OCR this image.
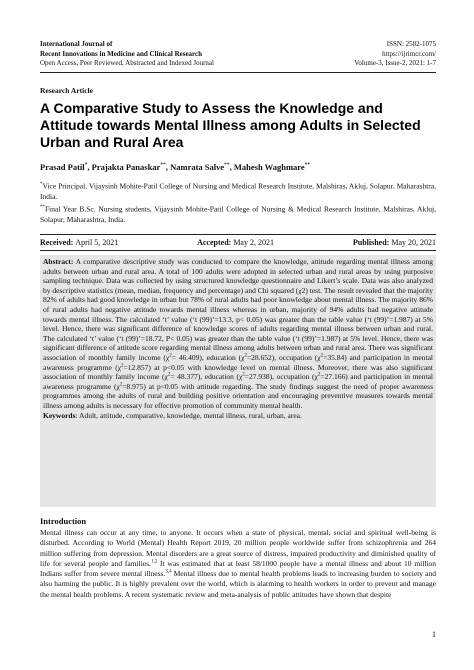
International Journal of	ISSN: 2582-1075
Recent Innovations in Medicine and Clinical Research	https://ijrimcr.com/
Open Access, Peer Reviewed, Abstracted and Indexed Journal	Volume-3, Issue-2, 2021: 1-7
Research Article
A Comparative Study to Assess the Knowledge and Attitude towards Mental Illness among Adults in Selected Urban and Rural Area
Prasad Patil*, Prajakta Panaskar**, Namrata Salve**, Mahesh Waghmare**

*Vice Principal, Vijaysinh Mohite-Patil College of Nursing and Medical Research Institute, Malshiras, Akluj, Solapur, Maharashtra, India.

**Final Year B.Sc. Nursing students, Vijaysinh Mohite-Patil College of Nursing & Medical Research Institute, Malshiras, Akluj, Solapur, Maharashtra, India.

Received: April 5, 2021	Accepted: May 2, 2021	Published: May 20, 2021
Abstract: A comparative descriptive study was conducted to compare the knowledge, attitude regarding mental illness among adults between urban and rural area. A total of 100 adults were adopted in selected urban and rural areas by using purposive sampling technique. Data was collected by using structured knowledge questionnaire and Likert’s scale. Data was also analyzed by descriptive statistics (mean, median, frequency and percentage) and Chi squared (χ2) test. The result revealed that the majority 82% of adults had good knowledge in urban but 78% of rural adults had poor knowledge about mental illness. The majority 86% of rural adults had negative attitude towards mental illness whereas in urban, majority of 94% adults had negative attitude towards mental illness. The calculated ‘t’ value (‘t (99)’=13.3, p< 0.05) was greater than the table value (‘t (99)’=1.987) at 5% level. Hence, there was significant difference of knowledge scores of adults regarding mental illness between urban and rural. The calculated ‘t’ value (‘t (99)’=18.72, P< 0.05) was greater than the table value (‘t (99)’=1.987) at 5% level. Hence, there was significant difference of attitude score regarding mental illness among adults between urban and rural area. There was significant association of monthly family income $(\chi^2= 46.409)$, education $(\chi^2=28.652)$, occupation $(\chi^2=35.84)$ and participation in mental awareness programme $(\chi^2=12.857)$ at p<0.05 with knowledge level on mental illness. Moreover, there was also significant association of monthly family income $(\chi^2= 48.377)$, education $(\chi^2=27.938)$, occupation $(\chi^2=27.166)$ and participation in mental awareness programme $(\chi^2=8.975)$ at p<0.05 with attitude regarding. The study findings suggest the need of proper awareness programmes among the adults of rural and building positive orientation and encouraging preventive measures towards mental illness among adults is necessary for effective promotion of community mental health.
Keywords: Adult, attitude, comparative, knowledge, mental illness, rural, urban, area.
Introduction
Mental illness can occur at any time, to anyone. It occurs when a state of physical, mental, social and spiritual well-being is disturbed. According to World (Mental) Health Report 2019, 20 million people worldwide suffer from schizophrenia and 264 million suffering from depression. Mental disorders are a great source of distress, impaired productivity and diminished quality of life for several people and families.$^{1,2}$ It was estimated that at least 58/1000 people have a mental illness and about 10 million Indians suffer from severe mental illness.$^{3,4}$ Mental illness due to mental health problems leads to increasing burden to society and also harming the public. It is highly prevalent over the world, which is alarming to health workers in order to prevent and manage the mental health problems. A recent systematic review and meta-analysis of public attitudes have shown that despite
1
